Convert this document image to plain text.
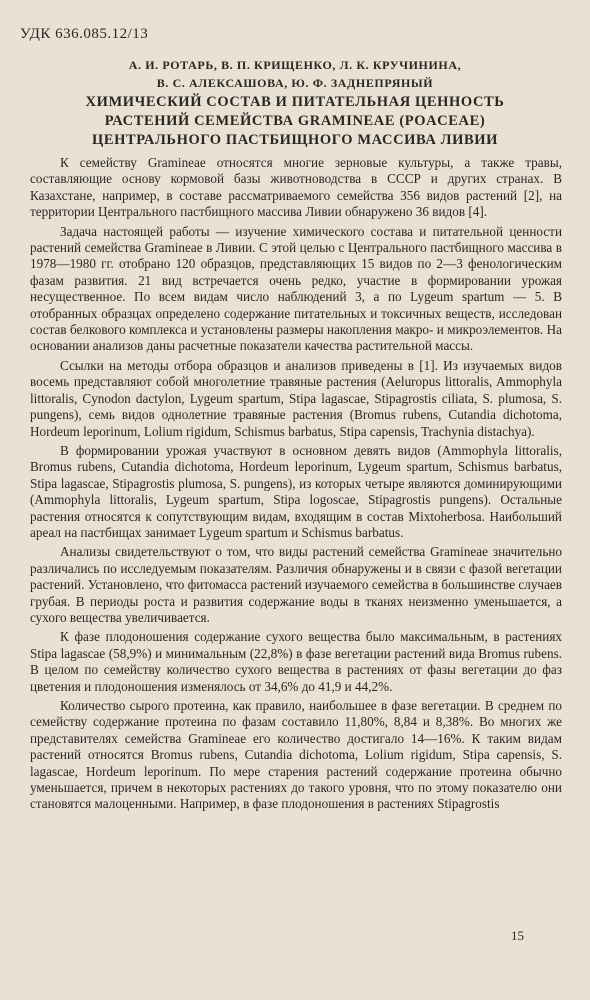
УДК 636.085.12/13
А. И. РОТАРЬ, В. П. КРИЩЕНКО, Л. К. КРУЧИНИНА,
В. С. АЛЕКСАШОВА, Ю. Ф. ЗАДНЕПРЯНЫЙ
ХИМИЧЕСКИЙ СОСТАВ И ПИТАТЕЛЬНАЯ ЦЕННОСТЬ
РАСТЕНИЙ СЕМЕЙСТВА GRAMINEAE (POACEAE)
ЦЕНТРАЛЬНОГО ПАСТБИЩНОГО МАССИВА ЛИВИИ

К семейству Gramineae относятся многие зерновые культуры, а также травы, составляющие основу кормовой базы животноводства в СССР и других странах. В Казахстане, например, в составе рассматриваемого семейства 356 видов растений [2], на территории Центрального пастбищного массива Ливии обнаружено 36 видов [4].

Задача настоящей работы — изучение химического состава и питательной ценности растений семейства Gramineae в Ливии. С этой целью с Центрального пастбищного массива в 1978—1980 гг. отобрано 120 образцов, представляющих 15 видов по 2—3 фенологическим фазам развития. 21 вид встречается очень редко, участие в формировании урожая несущественное. По всем видам число наблюдений 3, а по Lygeum spartum — 5. В отобранных образцах определено содержание питательных и токсичных веществ, исследован состав белкового комплекса и установлены размеры накопления макро- и микроэлементов. На основании анализов даны расчетные показатели качества растительной массы.

Ссылки на методы отбора образцов и анализов приведены в [1]. Из изучаемых видов восемь представляют собой многолетние травяные растения (Aeluropus littoralis, Ammophyla littoralis, Cynodon dactylon, Lygeum spartum, Stipa lagascae, Stipagrostis ciliata, S. plumosa, S. pungens), семь видов однолетние травяные растения (Bromus rubens, Cutandia dichotoma, Hordeum leporinum, Lolium rigidum, Schismus barbatus, Stipa capensis, Trachynia distachya).

В формировании урожая участвуют в основном девять видов (Ammophyla littoralis, Bromus rubens, Cutandia dichotoma, Hordeum leporinum, Lygeum spartum, Schismus barbatus, Stipa lagascae, Stipagrostis plumosa, S. pungens), из которых четыре являются доминирующими (Ammophyla littoralis, Lygeum spartum, Stipa logoscae, Stipagrostis pungens). Остальные растения относятся к сопутствующим видам, входящим в состав Mixtoherbosa. Наибольший ареал на пастбищах занимает Lygeum spartum и Schismus barbatus.

Анализы свидетельствуют о том, что виды растений семейства Gramineae значительно различались по исследуемым показателям. Различия обнаружены и в связи с фазой вегетации растений. Установлено, что фитомасса растений изучаемого семейства в большинстве случаев грубая. В периоды роста и развития содержание воды в тканях неизменно уменьшается, а сухого вещества увеличивается.

К фазе плодоношения содержание сухого вещества было максимальным, в растениях Stipa lagascae (58,9%) и минимальным (22,8%) в фазе вегетации растений вида Bromus rubens. В целом по семейству количество сухого вещества в растениях от фазы вегетации до фаз цветения и плодоношения изменялось от 34,6% до 41,9 и 44,2%.

Количество сырого протеина, как правило, наибольшее в фазе вегетации. В среднем по семейству содержание протеина по фазам составило 11,80%, 8,84 и 8,38%. Во многих же представителях семейства Gramineae его количество достигало 14—16%. К таким видам растений относятся Bromus rubens, Cutandia dichotoma, Lolium rigidum, Stipa capensis, S. lagascae, Hordeum leporinum. По мере старения растений содержание протеина обычно уменьшается, причем в некоторых растениях до такого уровня, что по этому показателю они становятся малоценными. Например, в фазе плодоношения в растениях Stipagrostis

15
